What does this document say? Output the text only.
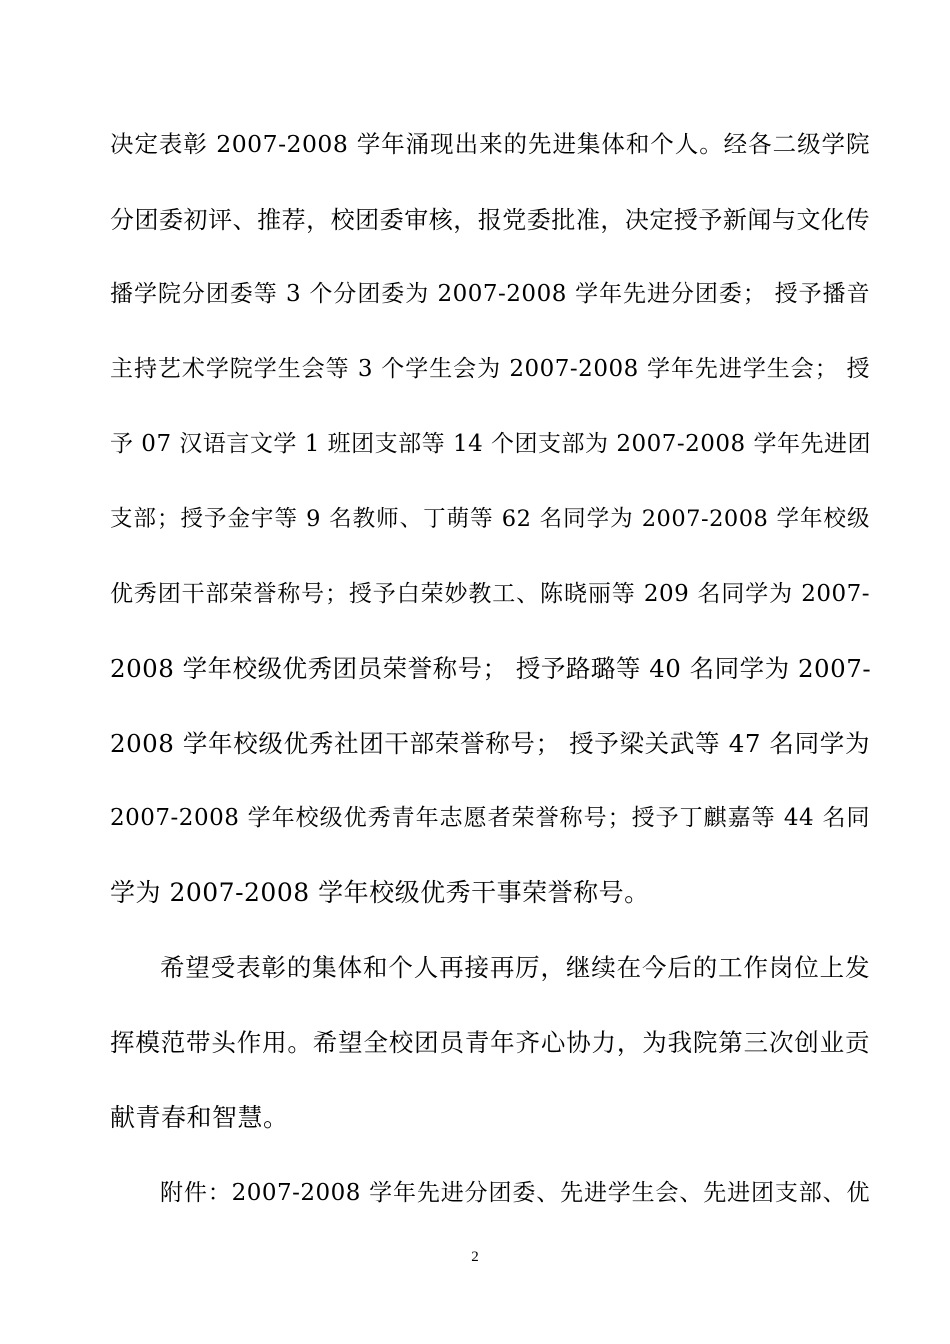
决定表彰 2007-2008 学年涌现出来的先进集体和个人。经各二级学院
分团委初评、推荐，校团委审核，报党委批准，决定授予新闻与文化传
播学院分团委等 3 个分团委为 2007-2008 学年先进分团委； 授予播音
主持艺术学院学生会等 3 个学生会为 2007-2008 学年先进学生会； 授
予 07 汉语言文学 1 班团支部等 14 个团支部为 2007-2008 学年先进团
支部；授予金宇等 9 名教师、丁萌等 62 名同学为 2007-2008 学年校级
优秀团干部荣誉称号；授予白荣妙教工、陈晓丽等 209 名同学为 2007-
2008 学年校级优秀团员荣誉称号； 授予路璐等 40 名同学为 2007-
2008 学年校级优秀社团干部荣誉称号； 授予梁关武等 47 名同学为
2007-2008 学年校级优秀青年志愿者荣誉称号；授予丁麒嘉等 44 名同
学为 2007-2008 学年校级优秀干事荣誉称号。
希望受表彰的集体和个人再接再厉，继续在今后的工作岗位上发
挥模范带头作用。希望全校团员青年齐心协力，为我院第三次创业贡
献青春和智慧。
附件：2007-2008 学年先进分团委、先进学生会、先进团支部、优
2
